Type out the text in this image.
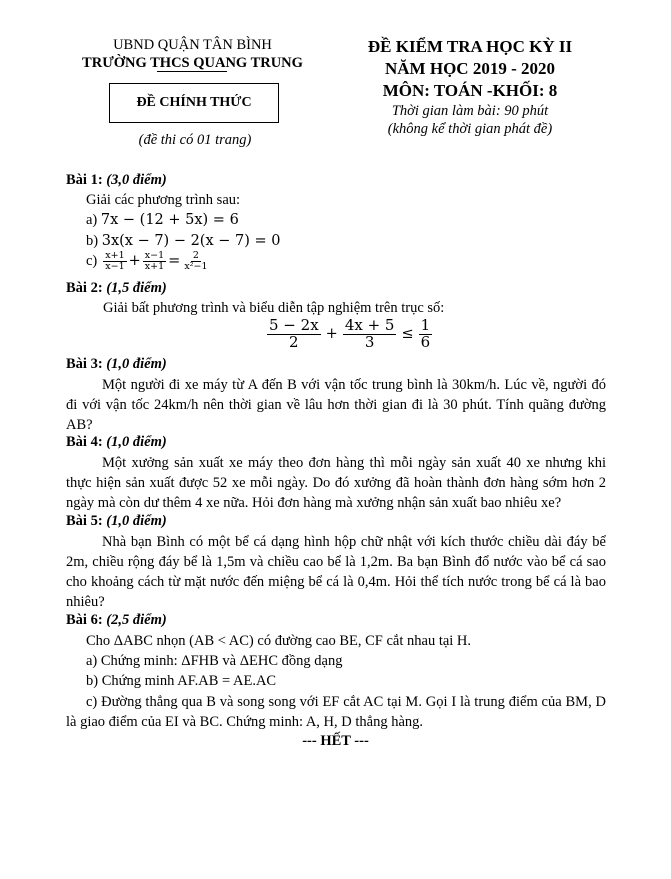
UBND QUẬN TÂN BÌNH
TRƯỜNG THCS QUANG TRUNG
ĐỀ CHÍNH THỨC
(đề thi có 01 trang)
ĐỀ KIỂM TRA HỌC KỲ II
NĂM HỌC 2019 - 2020
MÔN: TOÁN -KHỐI: 8
Thời gian làm bài: 90 phút
(không kể thời gian phát đề)
Bài 1: (3,0 điểm)
Giải các phương trình sau:
a) 7x − (12 + 5x) = 6
b) 3x(x − 7) − 2(x − 7) = 0
$c) \frac{x+1}{x-1} + \frac{x-1}{x+1} = \frac{2}{\text{x²−1}}$
Bài 2: (1,5 điểm)
Giải bất phương trình và biểu diễn tập nghiệm trên trục số:
$\frac{5 - 2x}{2} + \frac{4x + 5}{3} \le \frac{1}{6}$
Bài 3: (1,0 điểm)
Một người đi xe máy từ A đến B với vận tốc trung bình là 30km/h. Lúc về, người đó đi với vận tốc 24km/h nên thời gian về lâu hơn thời gian đi là 30 phút. Tính quãng đường AB?
Bài 4: (1,0 điểm)
Một xưởng sản xuất xe máy theo đơn hàng thì mỗi ngày sản xuất 40 xe nhưng khi thực hiện sản xuất được 52 xe mỗi ngày. Do đó xưởng đã hoàn thành đơn hàng sớm hơn 2 ngày mà còn dư thêm 4 xe nữa. Hỏi đơn hàng mà xưởng nhận sản xuất bao nhiêu xe?
Bài 5: (1,0 điểm)
Nhà bạn Bình có một bể cá dạng hình hộp chữ nhật với kích thước chiều dài đáy bể 2m, chiều rộng đáy bể là 1,5m và chiều cao bể là 1,2m. Ba bạn Bình đổ nước vào bể cá sao cho khoảng cách từ mặt nước đến miệng bể cá là 0,4m. Hỏi thể tích nước trong bể cá là bao nhiêu?
Bài 6: (2,5 điểm)
Cho ΔABC nhọn (AB < AC) có đường cao BE, CF cắt nhau tại H.
a) Chứng minh: ΔFHB và ΔEHC đồng dạng
b) Chứng minh AF.AB = AE.AC
c) Đường thẳng qua B và song song với EF cắt AC tại M. Gọi I là trung điểm của BM, D là giao điểm của EI và BC. Chứng minh: A, H, D thẳng hàng.
--- HẾT ---
